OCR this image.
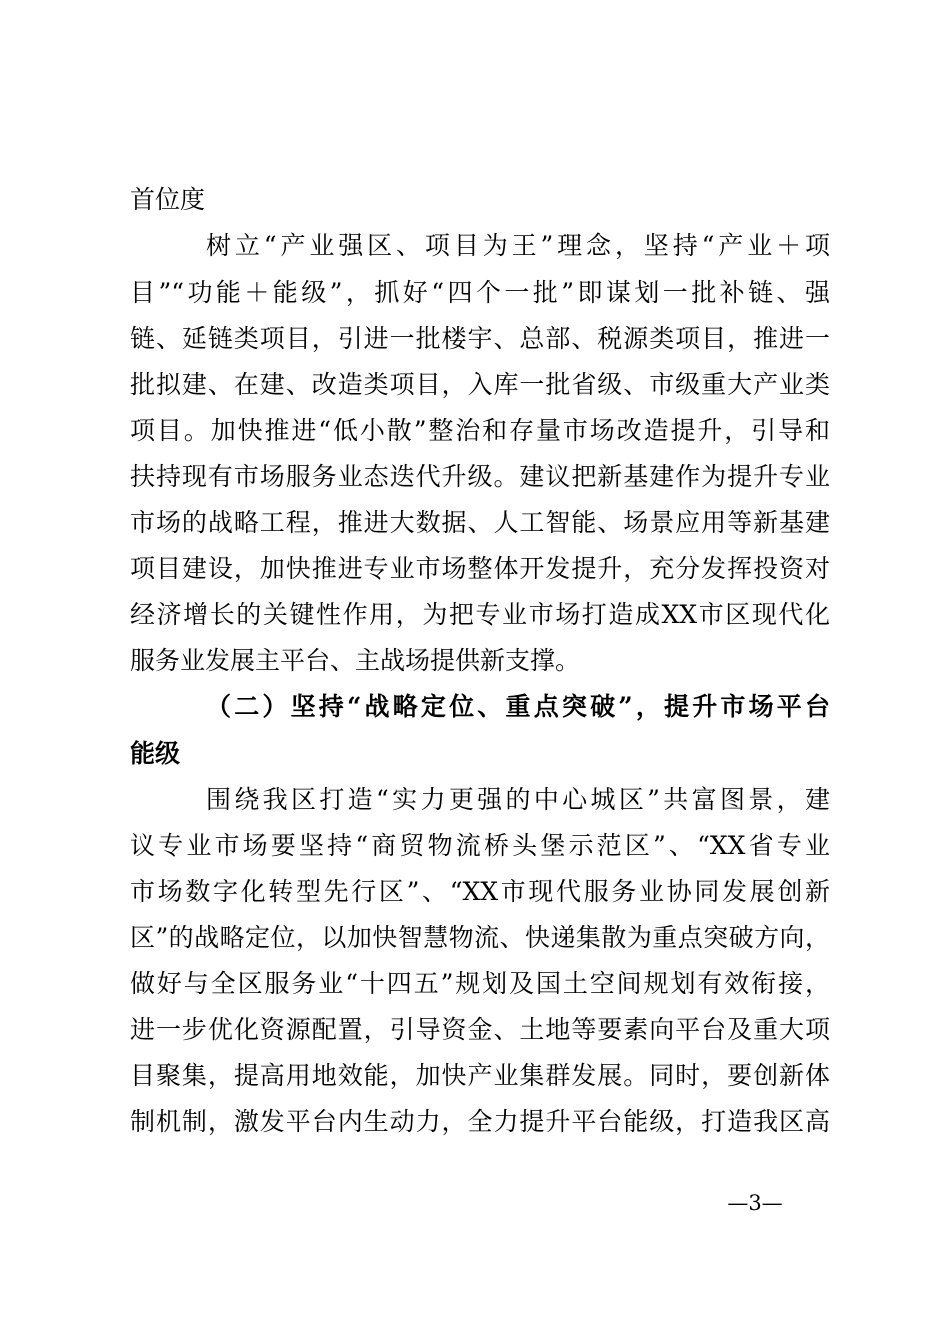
首位度
树立“产业强区、项目为王”理念，坚持“产业＋项
目”“功能＋能级”，抓好“四个一批”即谋划一批补链、强
链、延链类项目，引进一批楼宇、总部、税源类项目，推进一
批拟建、在建、改造类项目，入库一批省级、市级重大产业类
项目。加快推进“低小散”整治和存量市场改造提升，引导和
扶持现有市场服务业态迭代升级。建议把新基建作为提升专业
市场的战略工程，推进大数据、人工智能、场景应用等新基建
项目建设，加快推进专业市场整体开发提升，充分发挥投资对
经济增长的关键性作用，为把专业市场打造成XX市区现代化
服务业发展主平台、主战场提供新支撑。
（二）坚持“战略定位、重点突破”，提升市场平台
能级
围绕我区打造“实力更强的中心城区”共富图景，建
议专业市场要坚持“商贸物流桥头堡示范区”、“XX省专业
市场数字化转型先行区”、“XX市现代服务业协同发展创新
区”的战略定位，以加快智慧物流、快递集散为重点突破方向，
做好与全区服务业“十四五”规划及国土空间规划有效衔接，
进一步优化资源配置，引导资金、土地等要素向平台及重大项
目聚集，提高用地效能，加快产业集群发展。同时，要创新体
制机制，激发平台内生动力，全力提升平台能级，打造我区高
—3—
